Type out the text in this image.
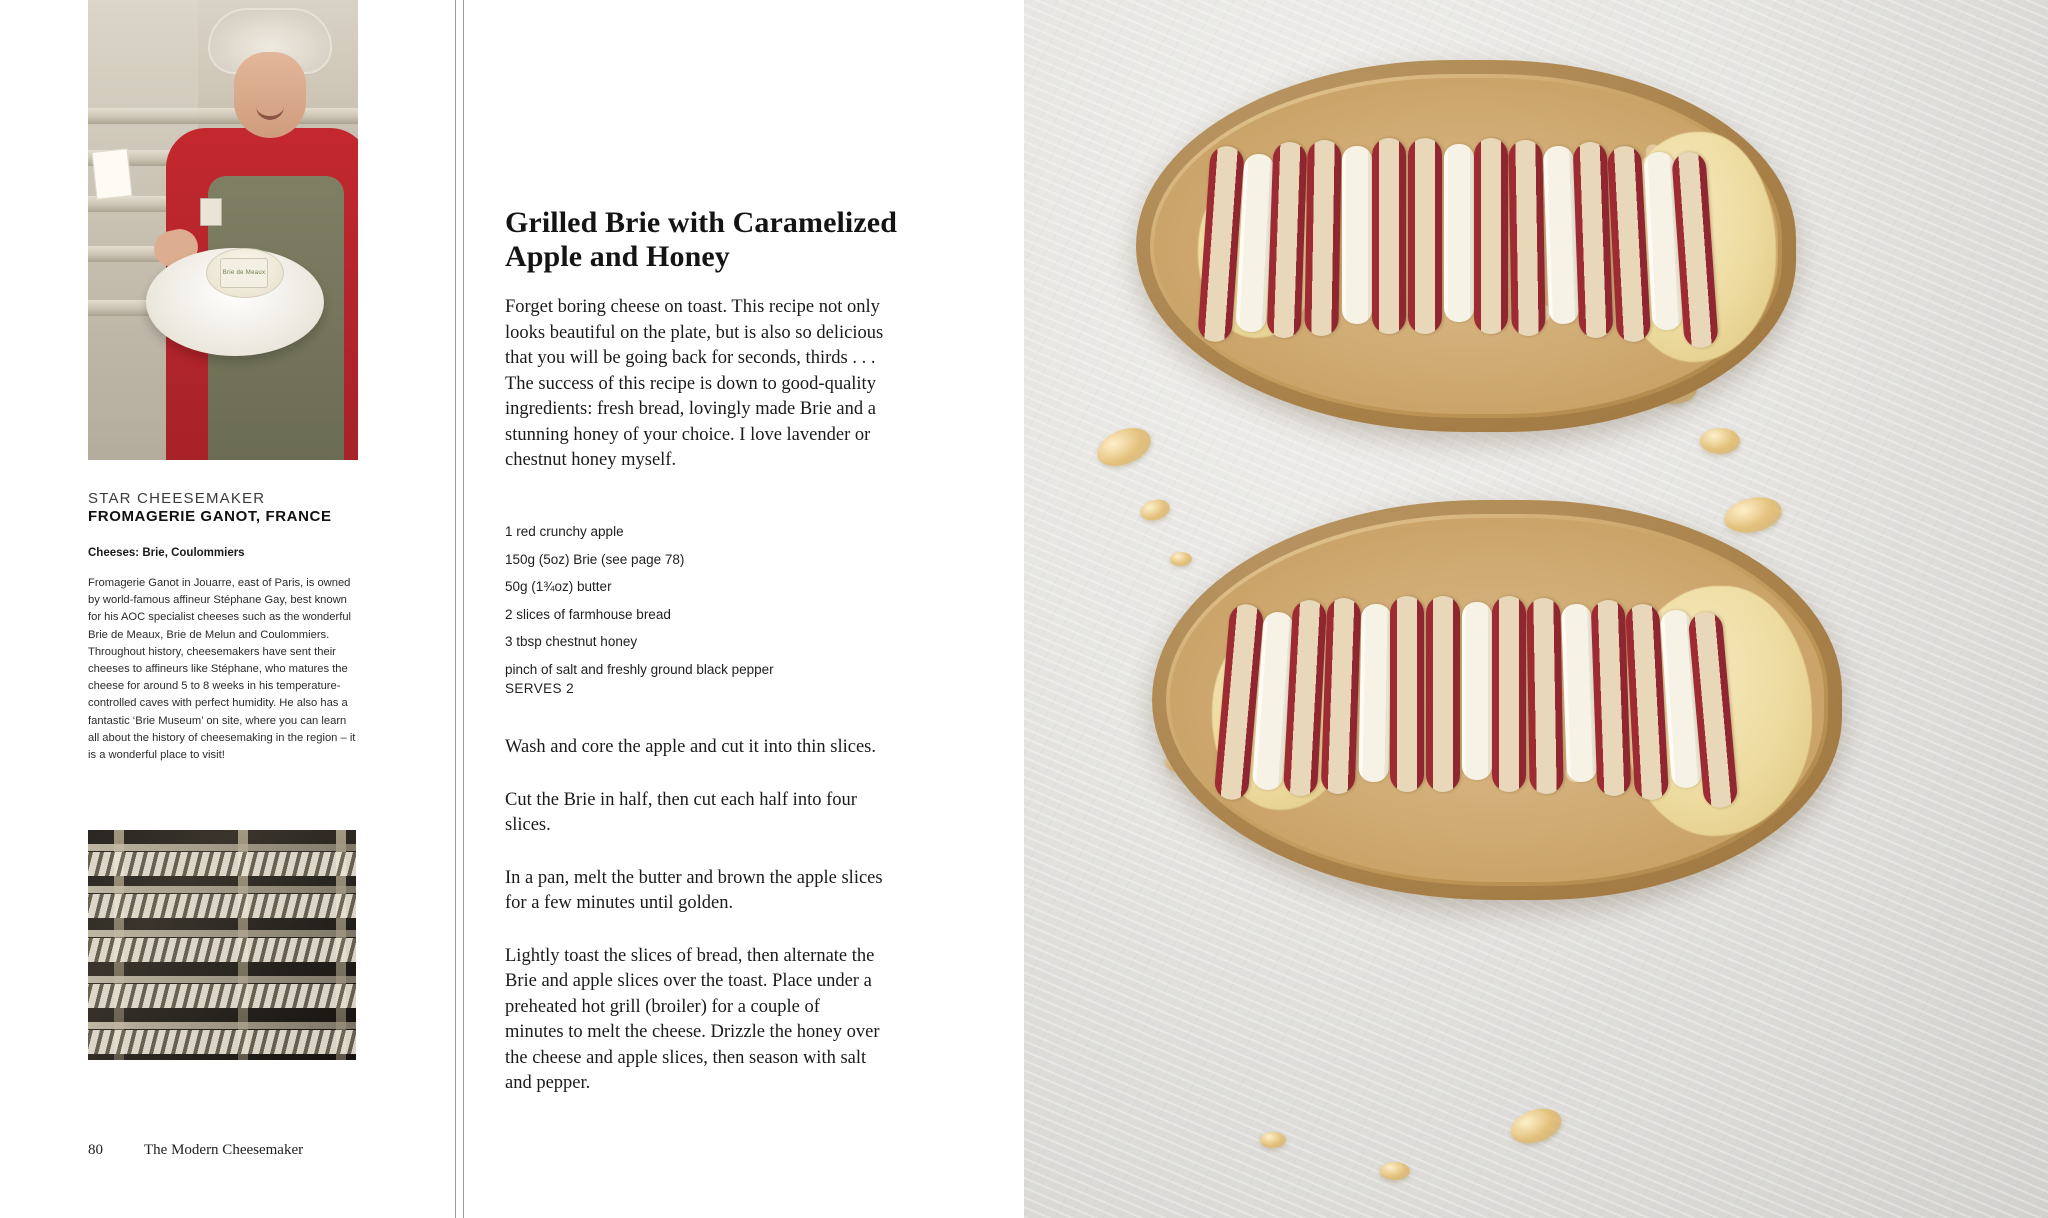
Brie de Meaux
STAR CHEESEMAKER
FROMAGERIE GANOT, FRANCE
Cheeses: Brie, Coulommiers
Fromagerie Ganot in Jouarre, east of Paris, is owned by world-famous affineur Stéphane Gay, best known for his AOC specialist cheeses such as the wonderful Brie de Meaux, Brie de Melun and Coulommiers. Throughout history, cheesemakers have sent their cheeses to affineurs like Stéphane, who matures the cheese for around 5 to 8 weeks in his temperature-controlled caves with perfect humidity. He also has a fantastic ‘Brie Museum’ on site, where you can learn all about the history of cheesemaking in the region – it is a wonderful place to visit!
80	The Modern Cheesemaker
Grilled Brie with Caramelized Apple and Honey
Forget boring cheese on toast. This recipe not only looks beautiful on the plate, but is also so delicious that you will be going back for seconds, thirds . . . The success of this recipe is down to good-quality ingredients: fresh bread, lovingly made Brie and a stunning honey of your choice. I love lavender or chestnut honey myself.
1 red crunchy apple
150g (5oz) Brie (see page 78)
50g (1¾oz) butter
2 slices of farmhouse bread
3 tbsp chestnut honey
pinch of salt and freshly ground black pepper
SERVES 2

Wash and core the apple and cut it into thin slices.

Cut the Brie in half, then cut each half into four slices.

In a pan, melt the butter and brown the apple slices for a few minutes until golden.

Lightly toast the slices of bread, then alternate the Brie and apple slices over the toast. Place under a preheated hot grill (broiler) for a couple of minutes to melt the cheese. Drizzle the honey over the cheese and apple slices, then season with salt and pepper.
